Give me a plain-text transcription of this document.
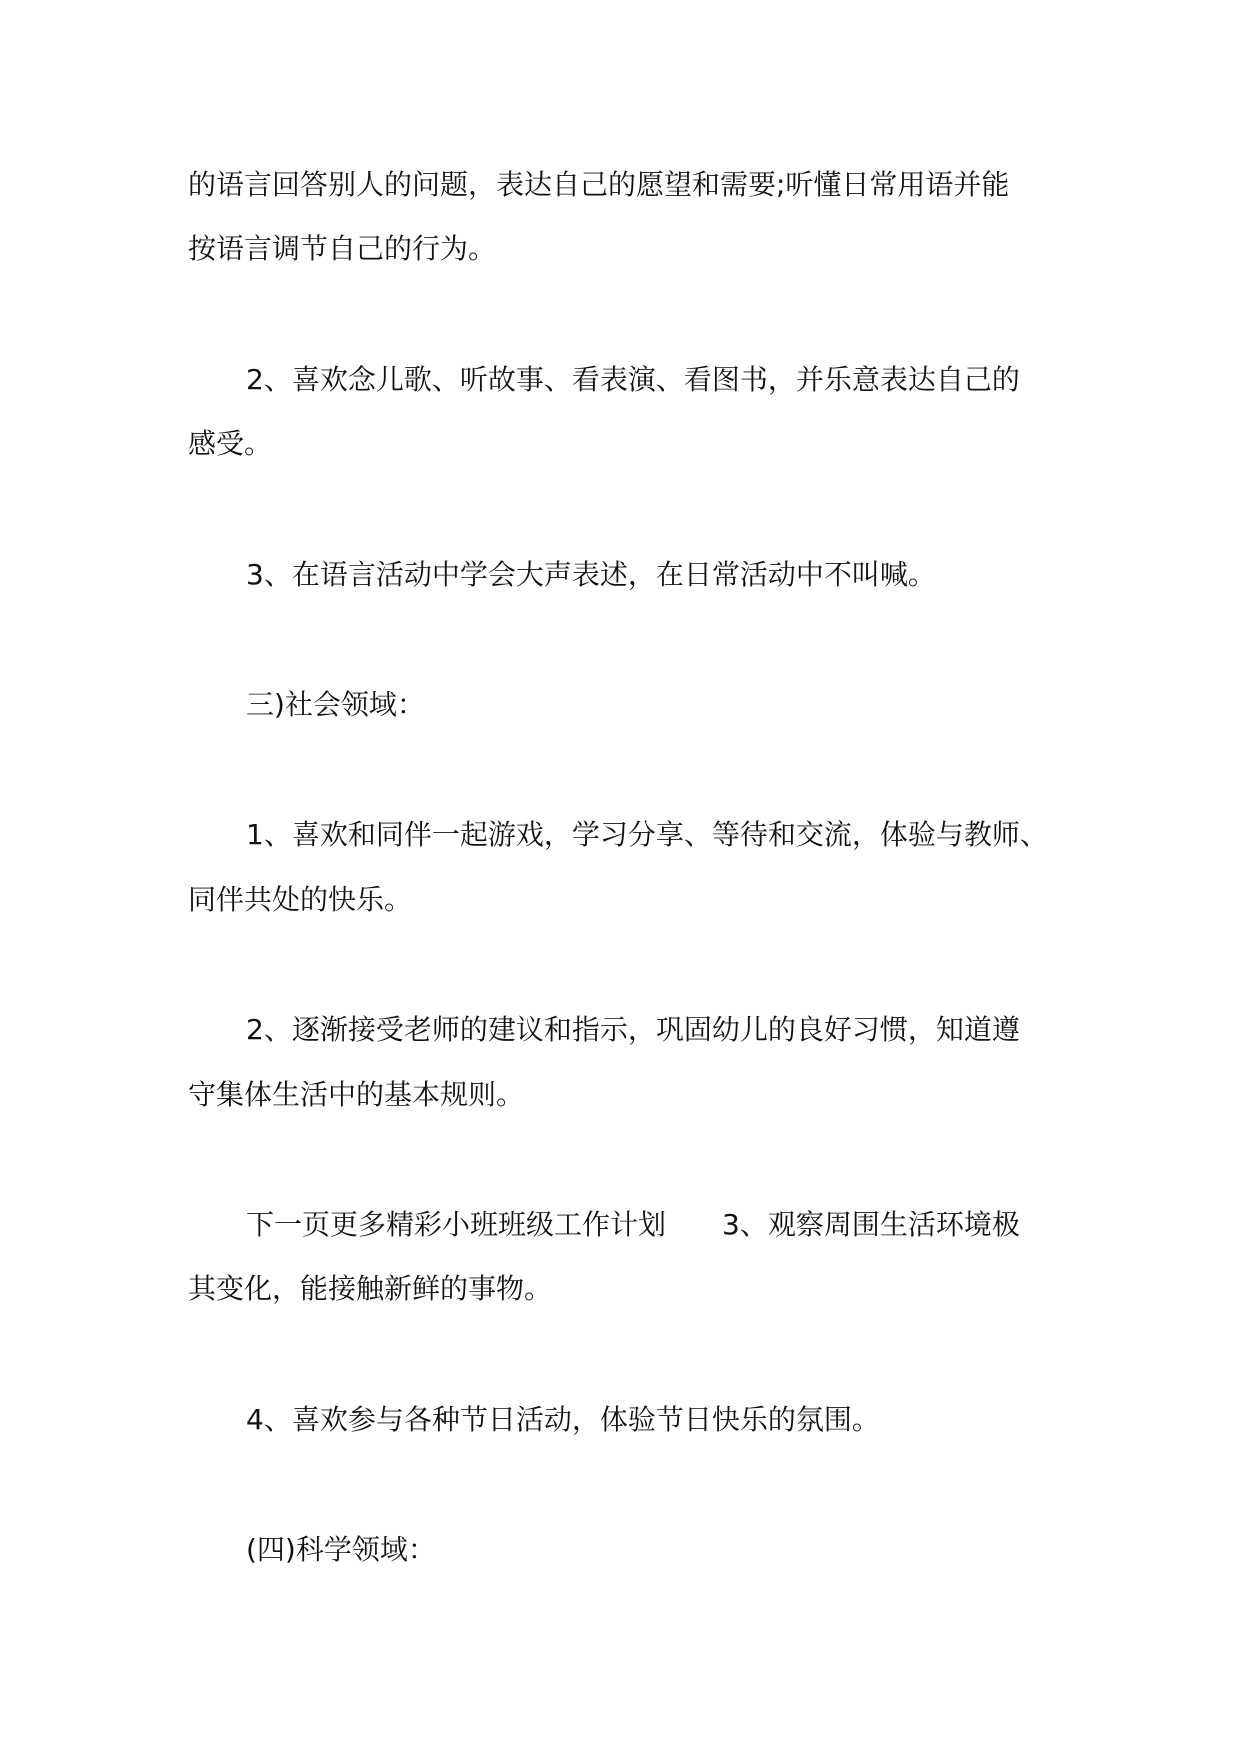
的语言回答别人的问题，表达自己的愿望和需要;听懂日常用语并能
按语言调节自己的行为。
2、喜欢念儿歌、听故事、看表演、看图书，并乐意表达自己的
感受。
3、在语言活动中学会大声表述，在日常活动中不叫喊。
三)社会领域：
1、喜欢和同伴一起游戏，学习分享、等待和交流，体验与教师、
同伴共处的快乐。
2、逐渐接受老师的建议和指示，巩固幼儿的良好习惯，知道遵
守集体生活中的基本规则。
下一页更多精彩小班班级工作计划　　3、观察周围生活环境极
其变化，能接触新鲜的事物。
4、喜欢参与各种节日活动，体验节日快乐的氛围。
(四)科学领域：
